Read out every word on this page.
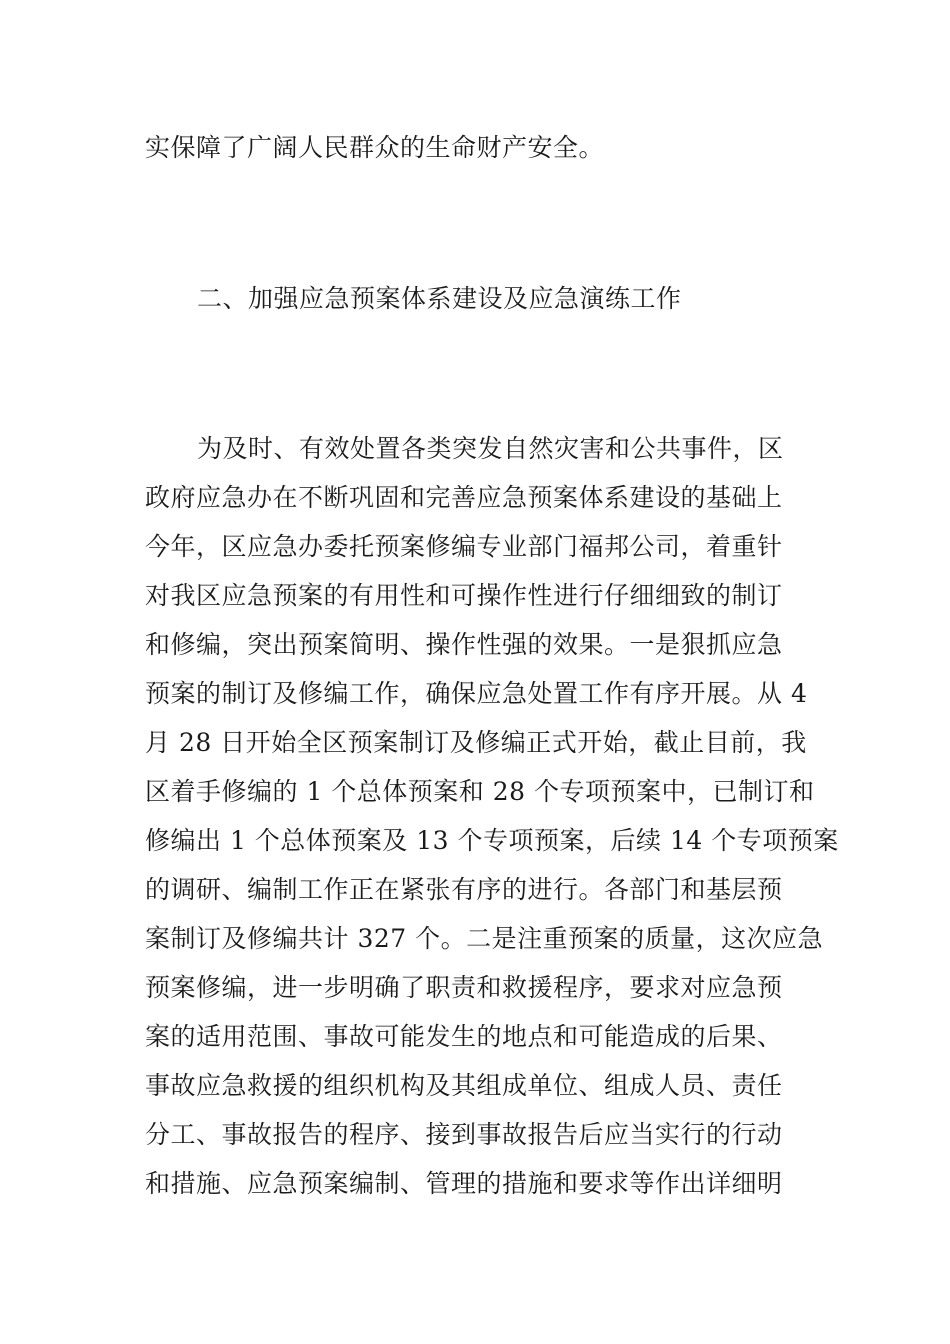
实保障了广阔人民群众的生命财产安全。
二、加强应急预案体系建设及应急演练工作
为及时、有效处置各类突发自然灾害和公共事件，区
政府应急办在不断巩固和完善应急预案体系建设的基础上
今年，区应急办委托预案修编专业部门福邦公司，着重针
对我区应急预案的有用性和可操作性进行仔细细致的制订
和修编，突出预案简明、操作性强的效果。一是狠抓应急
预案的制订及修编工作，确保应急处置工作有序开展。从 4
月 28 日开始全区预案制订及修编正式开始，截止目前，我
区着手修编的 1 个总体预案和 28 个专项预案中，已制订和
修编出 1 个总体预案及 13 个专项预案，后续 14 个专项预案
的调研、编制工作正在紧张有序的进行。各部门和基层预
案制订及修编共计 327 个。二是注重预案的质量，这次应急
预案修编，进一步明确了职责和救援程序，要求对应急预
案的适用范围、事故可能发生的地点和可能造成的后果、
事故应急救援的组织机构及其组成单位、组成人员、责任
分工、事故报告的程序、接到事故报告后应当实行的行动
和措施、应急预案编制、管理的措施和要求等作出详细明
